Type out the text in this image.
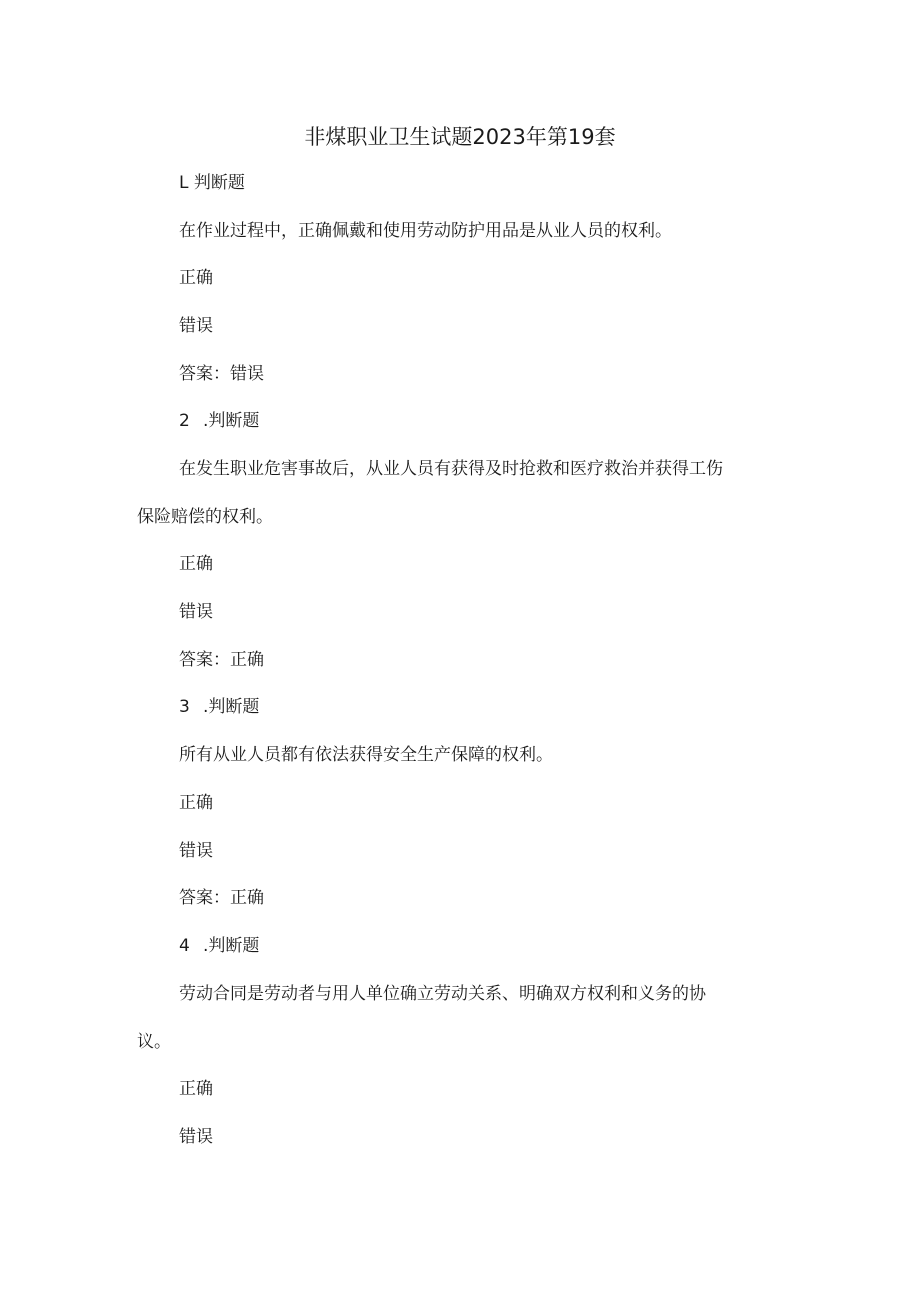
非煤职业卫生试题2023年第19套
L 判断题
在作业过程中，正确佩戴和使用劳动防护用品是从业人员的权利。
正确
错误
答案：错误
2 .判断题
在发生职业危害事故后，从业人员有获得及时抢救和医疗救治并获得工伤
保险赔偿的权利。
正确
错误
答案：正确
3 .判断题
所有从业人员都有依法获得安全生产保障的权利。
正确
错误
答案：正确
4 .判断题
劳动合同是劳动者与用人单位确立劳动关系、明确双方权利和义务的协
议。
正确
错误
